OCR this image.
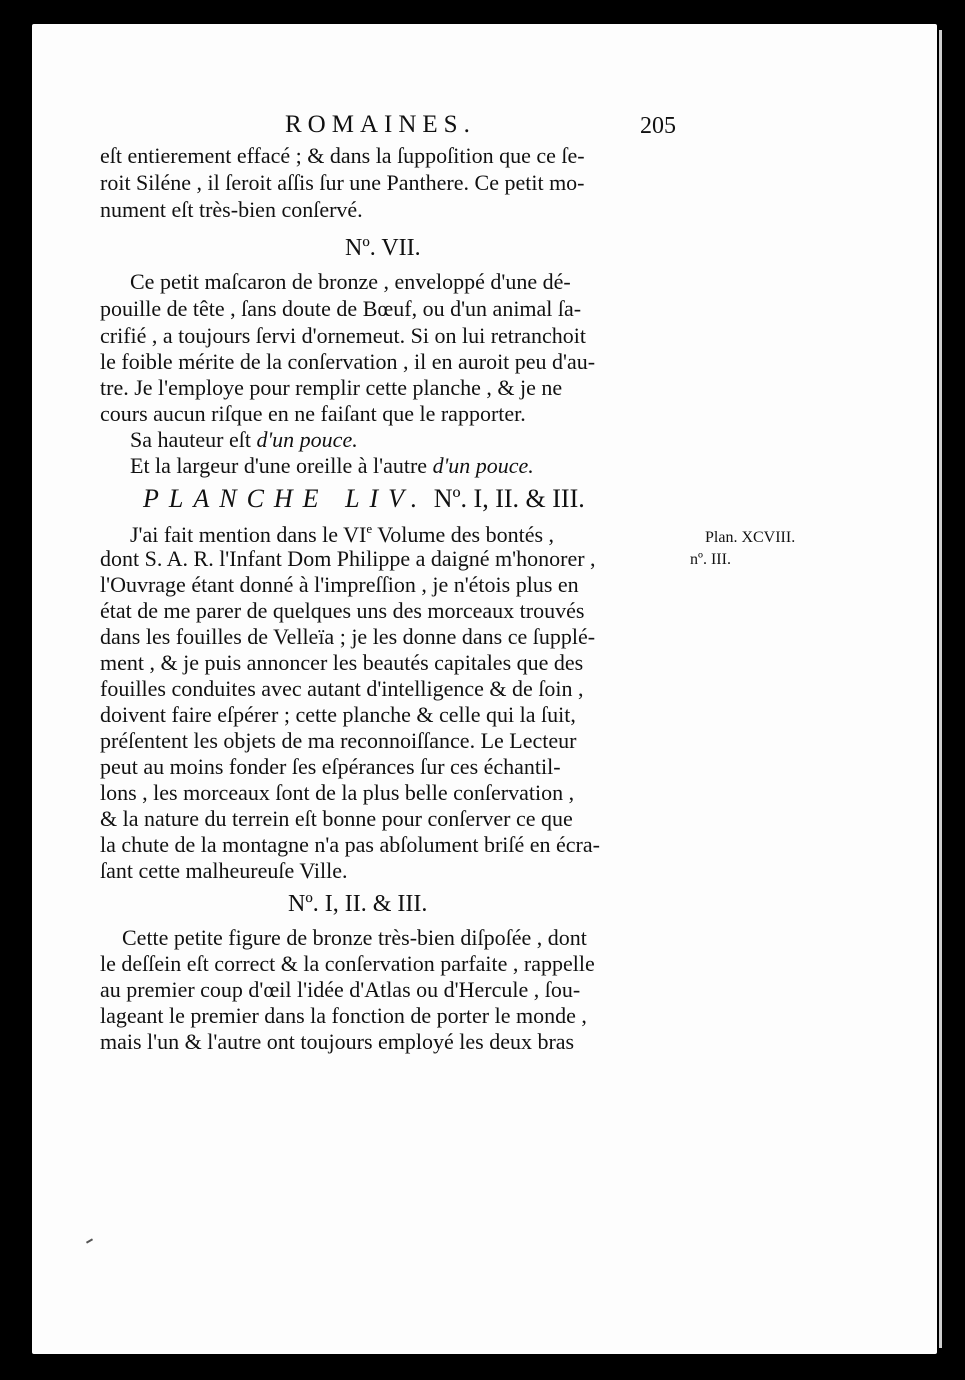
ROMAINES.	205
eſt entierement effacé ; & dans la ſuppoſition que ce ſe-
roit Siléne , il ſeroit aſſis ſur une Panthere. Ce petit mo-
nument eſt très-bien conſervé.
Nº. VII.
Ce petit maſcaron de bronze , enveloppé d'une dé-
pouille de tête , ſans doute de Bœuf, ou d'un animal ſa-
crifié , a toujours ſervi d'ornemeut. Si on lui retranchoit
le foible mérite de la conſervation , il en auroit peu d'au-
tre. Je l'employe pour remplir cette planche , & je ne
cours aucun riſque en ne faiſant que le rapporter.
Sa hauteur eſt d'un pouce.
Et la largeur d'une oreille à l'autre d'un pouce.
PLANCHE LIV. Nº. I, II. & III.
J'ai fait mention dans le VIe Volume des bontés ,
dont S. A. R. l'Infant Dom Philippe a daigné m'honorer ,
l'Ouvrage étant donné à l'impreſſion , je n'étois plus en
état de me parer de quelques uns des morceaux trouvés
dans les fouilles de Velleïa ; je les donne dans ce ſupplé-
ment , & je puis annoncer les beautés capitales que des
fouilles conduites avec autant d'intelligence & de ſoin ,
doivent faire eſpérer ; cette planche & celle qui la ſuit,
préſentent les objets de ma reconnoiſſance. Le Lecteur
peut au moins fonder ſes eſpérances ſur ces échantil-
lons , les morceaux ſont de la plus belle conſervation ,
& la nature du terrein eſt bonne pour conſerver ce que
la chute de la montagne n'a pas abſolument briſé en écra-
ſant cette malheureuſe Ville.
Plan. XCVIII.
nº. III.
Nº. I, II. & III.
Cette petite figure de bronze très-bien diſpoſée , dont
le deſſein eſt correct & la conſervation parfaite , rappelle
au premier coup d'œil l'idée d'Atlas ou d'Hercule , ſou-
lageant le premier dans la fonction de porter le monde ,
mais l'un & l'autre ont toujours employé les deux bras
